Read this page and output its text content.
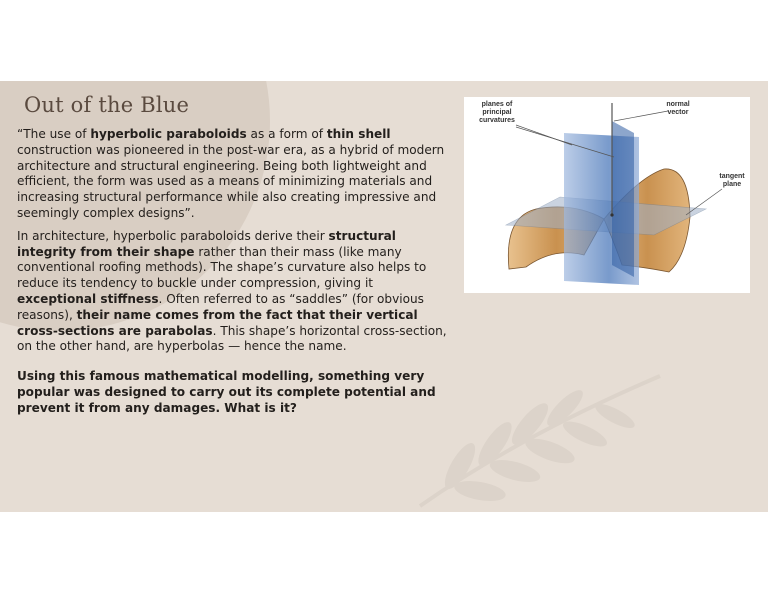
Out of the Blue

“The use of hyperbolic paraboloids as a form of thin shell construction was pioneered in the post-war era, as a hybrid of modern architecture and structural engineering. Being both lightweight and efficient, the form was used as a means of minimizing materials and increasing structural performance while also creating impressive and seemingly complex designs”.

In architecture, hyperbolic paraboloids derive their structural integrity from their shape rather than their mass (like many conventional roofing methods). The shape’s curvature also helps to reduce its tendency to buckle under compression, giving it exceptional stiffness. Often referred to as “saddles” (for obvious reasons), their name comes from the fact that their vertical cross-sections are parabolas. This shape’s horizontal cross-section, on the other hand, are hyperbolas — hence the name.

Using this famous mathematical modelling, something very popular was designed to carry out its complete potential and prevent it from any damages. What is it?

planes of principal curvatures
normal vector
tangent plane
